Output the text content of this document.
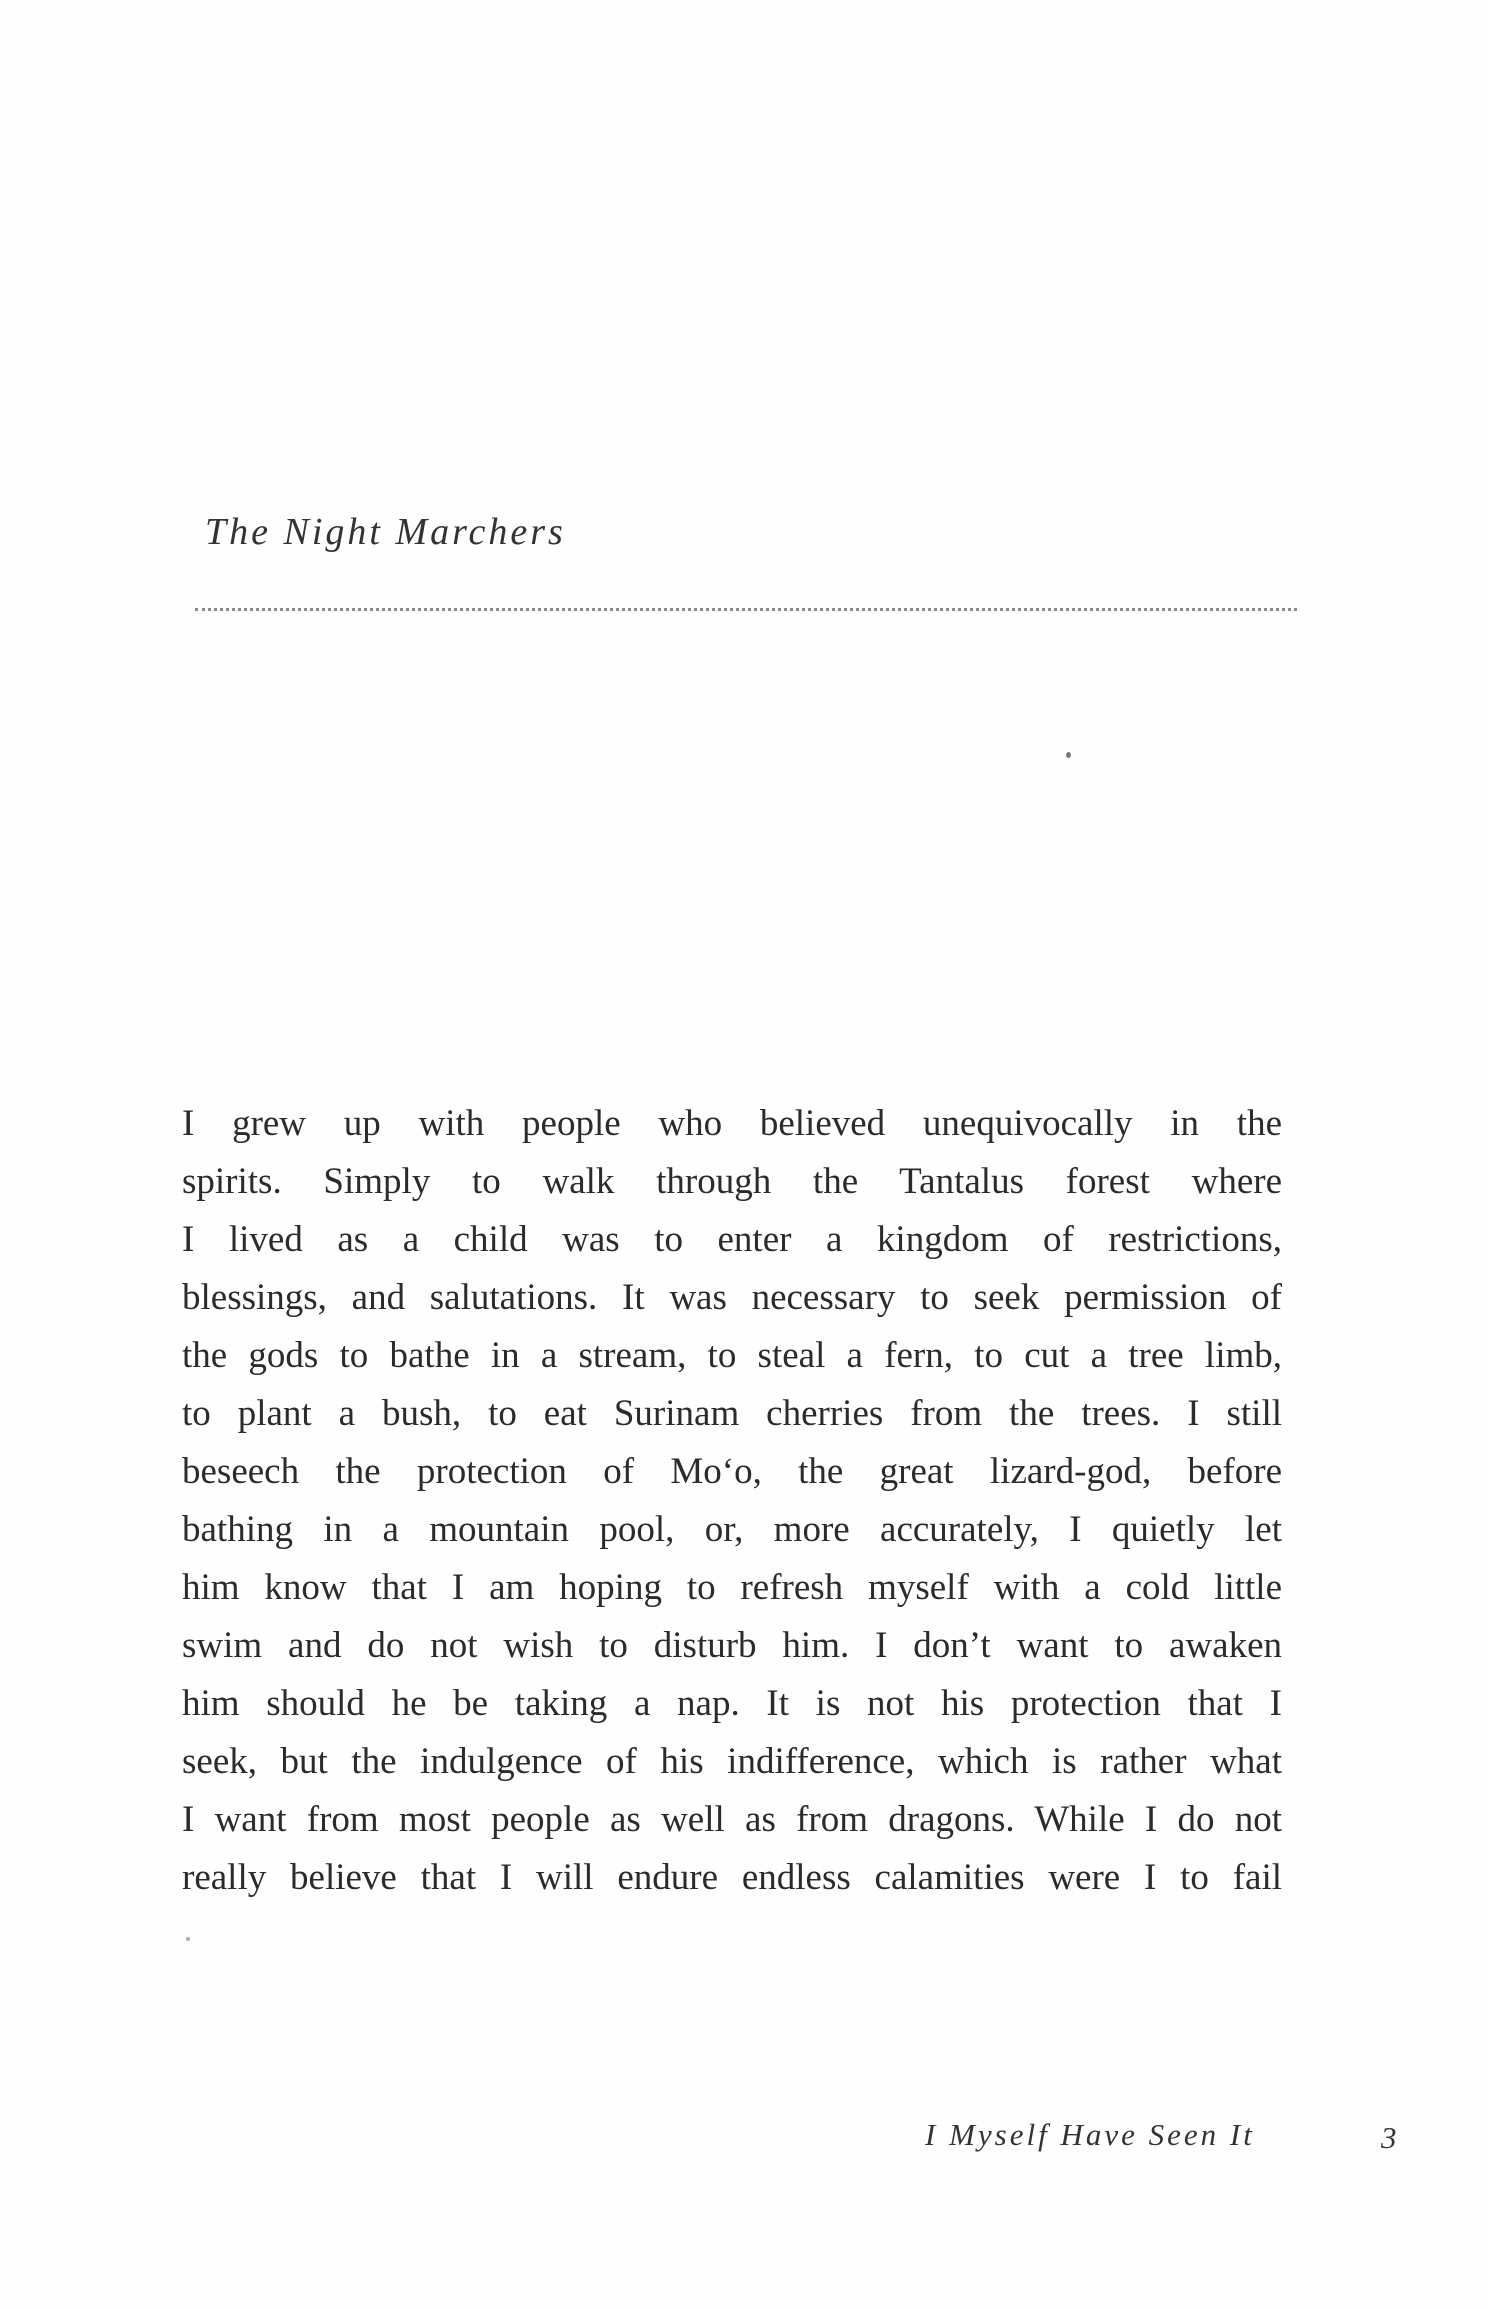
The Night Marchers
I grew up with people who believed unequivocally in the
spirits. Simply to walk through the Tantalus forest where
I lived as a child was to enter a kingdom of restrictions,
blessings, and salutations. It was necessary to seek permission of
the gods to bathe in a stream, to steal a fern, to cut a tree limb,
to plant a bush, to eat Surinam cherries from the trees. I still
beseech the protection of Mo‘o, the great lizard-god, before
bathing in a mountain pool, or, more accurately, I quietly let
him know that I am hoping to refresh myself with a cold little
swim and do not wish to disturb him. I don’t want to awaken
him should he be taking a nap. It is not his protection that I
seek, but the indulgence of his indifference, which is rather what
I want from most people as well as from dragons. While I do not
really believe that I will endure endless calamities were I to fail
I Myself Have Seen It	3
